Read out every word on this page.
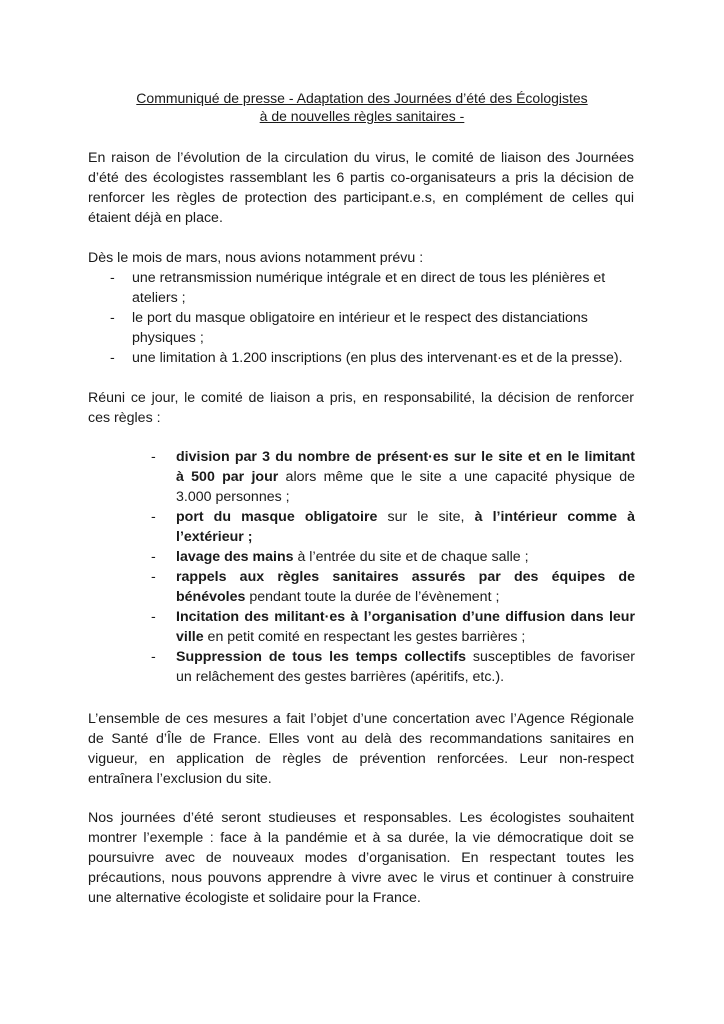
Communiqué de presse - Adaptation des Journées d’été des Écologistes
à de nouvelles règles sanitaires -
En raison de l’évolution de la circulation du virus, le comité de liaison des Journées
d’été des écologistes rassemblant les 6 partis co-organisateurs a pris la décision de
renforcer les règles de protection des participant.e.s, en complément de celles qui
étaient déjà en place.
Dès le mois de mars, nous avions notamment prévu :
- une retransmission numérique intégrale et en direct de tous les plénières et
ateliers ;
- le port du masque obligatoire en intérieur et le respect des distanciations
physiques ;
- une limitation à 1.200 inscriptions (en plus des intervenant·es et de la presse).
Réuni ce jour, le comité de liaison a pris, en responsabilité, la décision de renforcer
ces règles :
- division par 3 du nombre de présent·es sur le site et en le limitant
à 500 par jour alors même que le site a une capacité physique de
3.000 personnes ;
- port du masque obligatoire sur le site, à l’intérieur comme à
l’extérieur ;
- lavage des mains à l’entrée du site et de chaque salle ;
- rappels aux règles sanitaires assurés par des équipes de
bénévoles pendant toute la durée de l’évènement ;
- Incitation des militant·es à l’organisation d’une diffusion dans leur
ville en petit comité en respectant les gestes barrières ;
- Suppression de tous les temps collectifs susceptibles de favoriser
un relâchement des gestes barrières (apéritifs, etc.).
L’ensemble de ces mesures a fait l’objet d’une concertation avec l’Agence Régionale
de Santé d’Île de France. Elles vont au delà des recommandations sanitaires en
vigueur, en application de règles de prévention renforcées. Leur non-respect
entraînera l’exclusion du site.
Nos journées d’été seront studieuses et responsables. Les écologistes souhaitent
montrer l’exemple : face à la pandémie et à sa durée, la vie démocratique doit se
poursuivre avec de nouveaux modes d’organisation. En respectant toutes les
précautions, nous pouvons apprendre à vivre avec le virus et continuer à construire
une alternative écologiste et solidaire pour la France.
